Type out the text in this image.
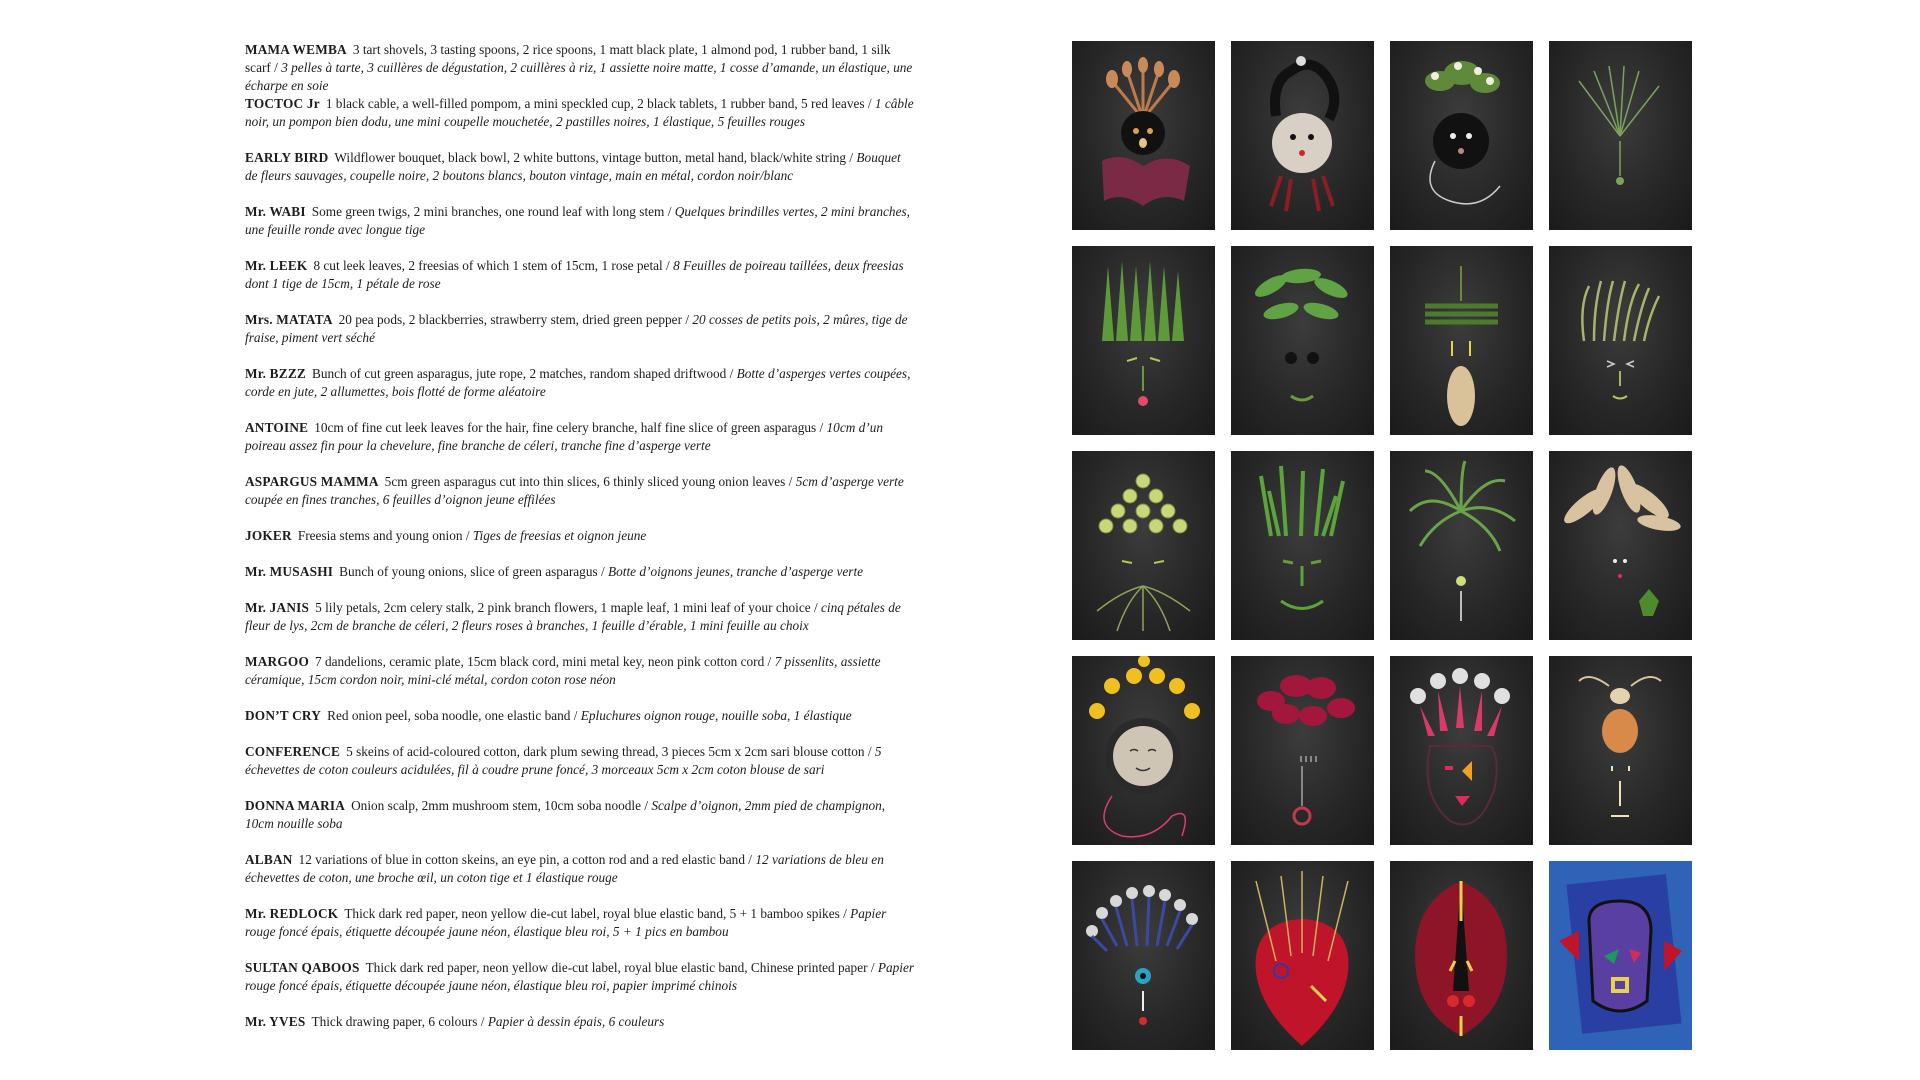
MAMA WEMBA 3 tart shovels, 3 tasting spoons, 2 rice spoons, 1 matt black plate, 1 almond pod, 1 rubber band, 1 silk scarf / 3 pelles à tarte, 3 cuillères de dégustation, 2 cuillères à riz, 1 assiette noire matte, 1 cosse d’amande, un élastique, une écharpe en soie

TOCTOC Jr 1 black cable, a well-filled pompom, a mini speckled cup, 2 black tablets, 1 rubber band, 5 red leaves / 1 câble noir, un pompon bien dodu, une mini coupelle mouchetée, 2 pastilles noires, 1 élastique, 5 feuilles rouges

EARLY BIRD Wildflower bouquet, black bowl, 2 white buttons, vintage button, metal hand, black/white string / Bouquet de fleurs sauvages, coupelle noire, 2 boutons blancs, bouton vintage, main en métal, cordon noir/blanc

Mr. WABI Some green twigs, 2 mini branches, one round leaf with long stem / Quelques brindilles vertes, 2 mini branches, une feuille ronde avec longue tige

Mr. LEEK 8 cut leek leaves, 2 freesias of which 1 stem of 15cm, 1 rose petal / 8 Feuilles de poireau taillées, deux freesias dont 1 tige de 15cm, 1 pétale de rose

Mrs. MATATA 20 pea pods, 2 blackberries, strawberry stem, dried green pepper / 20 cosses de petits pois, 2 mûres, tige de fraise, piment vert séché

Mr. BZZZ Bunch of cut green asparagus, jute rope, 2 matches, random shaped driftwood / Botte d’asperges vertes coupées, corde en jute, 2 allumettes, bois flotté de forme aléatoire

ANTOINE 10cm of fine cut leek leaves for the hair, fine celery branche, half fine slice of green asparagus / 10cm d’un poireau assez fin pour la chevelure, fine branche de céleri, tranche fine d’asperge verte

ASPARGUS MAMMA 5cm green asparagus cut into thin slices, 6 thinly sliced young onion leaves / 5cm d’asperge verte coupée en fines tranches, 6 feuilles d’oignon jeune effilées

JOKER Freesia stems and young onion / Tiges de freesias et oignon jeune

Mr. MUSASHI Bunch of young onions, slice of green asparagus / Botte d’oignons jeunes, tranche d’asperge verte

Mr. JANIS 5 lily petals, 2cm celery stalk, 2 pink branch flowers, 1 maple leaf, 1 mini leaf of your choice / cinq pétales de fleur de lys, 2cm de branche de céleri, 2 fleurs roses à branches, 1 feuille d’érable, 1 mini feuille au choix

MARGOO 7 dandelions, ceramic plate, 15cm black cord, mini metal key, neon pink cotton cord / 7 pissenlits, assiette céramique, 15cm cordon noir, mini-clé métal, cordon coton rose néon

DON’T CRY Red onion peel, soba noodle, one elastic band / Epluchures oignon rouge, nouille soba, 1 élastique

CONFERENCE 5 skeins of acid-coloured cotton, dark plum sewing thread, 3 pieces 5cm x 2cm sari blouse cotton / 5 échevettes de coton couleurs acidulées, fil à coudre prune foncé, 3 morceaux 5cm x 2cm coton blouse de sari

DONNA MARIA Onion scalp, 2mm mushroom stem, 10cm soba noodle / Scalpe d’oignon, 2mm pied de champignon, 10cm nouille soba

ALBAN 12 variations of blue in cotton skeins, an eye pin, a cotton rod and a red elastic band / 12 variations de bleu en échevettes de coton, une broche œil, un coton tige et 1 élastique rouge

Mr. REDLOCK Thick dark red paper, neon yellow die-cut label, royal blue elastic band, 5 + 1 bamboo spikes / Papier rouge foncé épais, étiquette découpée jaune néon, élastique bleu roi, 5 + 1 pics en bambou

SULTAN QABOOS Thick dark red paper, neon yellow die-cut label, royal blue elastic band, Chinese printed paper / Papier rouge foncé épais, étiquette découpée jaune néon, élastique bleu roi, papier imprimé chinois

Mr. YVES Thick drawing paper, 6 colours / Papier à dessin épais, 6 couleurs
